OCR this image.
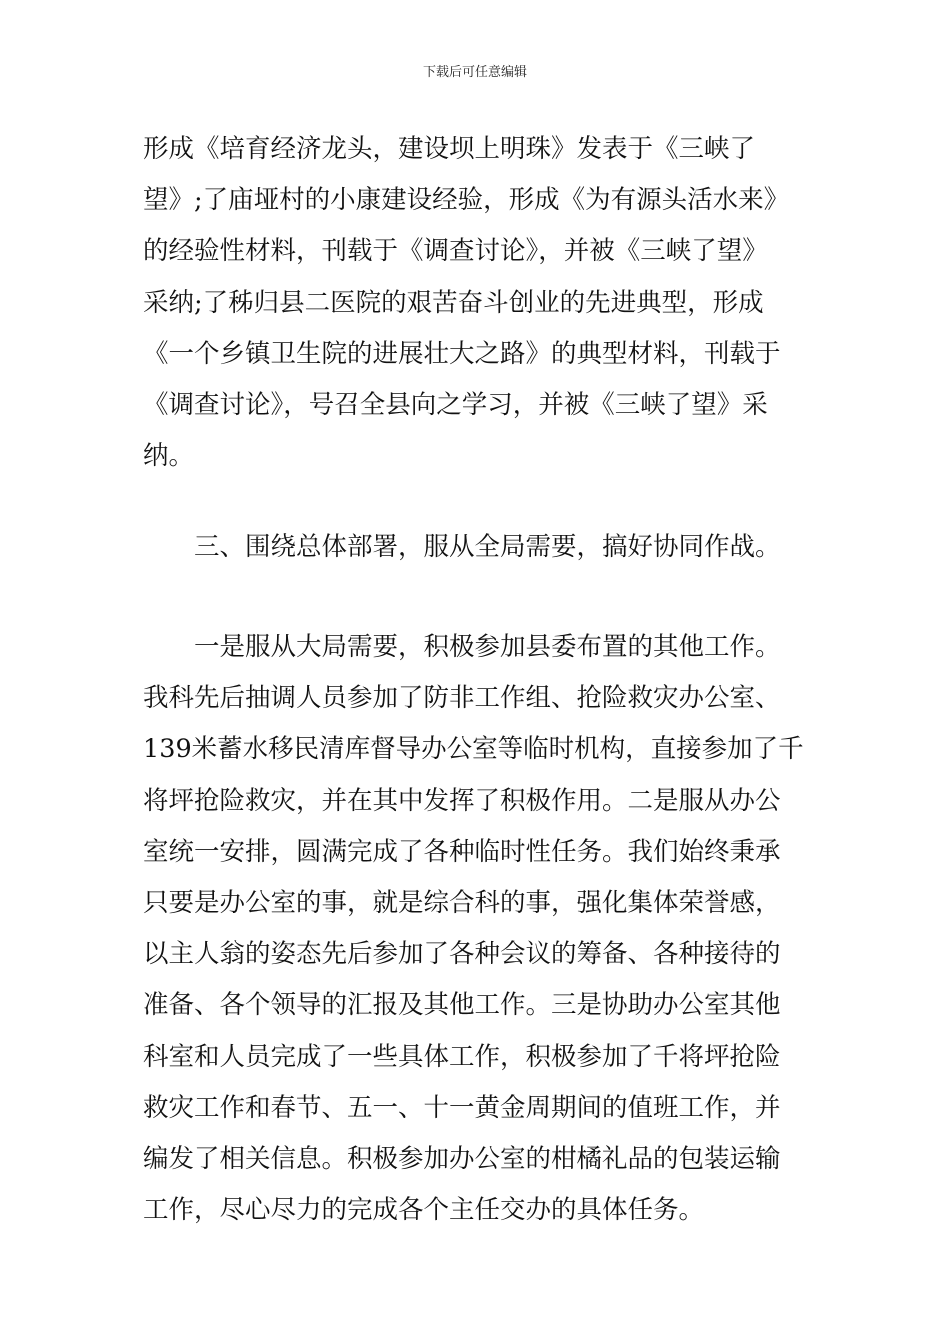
下载后可任意编辑
形成《培育经济龙头，建设坝上明珠》发表于《三峡了
望》;了庙垭村的小康建设经验，形成《为有源头活水来》
的经验性材料，刊载于《调查讨论》，并被《三峡了望》
采纳;了秭归县二医院的艰苦奋斗创业的先进典型，形成
《一个乡镇卫生院的进展壮大之路》的典型材料，刊载于
《调查讨论》，号召全县向之学习，并被《三峡了望》采
纳。
三、围绕总体部署，服从全局需要，搞好协同作战。
一是服从大局需要，积极参加县委布置的其他工作。
我科先后抽调人员参加了防非工作组、抢险救灾办公室、
139米蓄水移民清库督导办公室等临时机构，直接参加了千
将坪抢险救灾，并在其中发挥了积极作用。二是服从办公
室统一安排，圆满完成了各种临时性任务。我们始终秉承
只要是办公室的事，就是综合科的事，强化集体荣誉感，
以主人翁的姿态先后参加了各种会议的筹备、各种接待的
准备、各个领导的汇报及其他工作。三是协助办公室其他
科室和人员完成了一些具体工作，积极参加了千将坪抢险
救灾工作和春节、五一、十一黄金周期间的值班工作，并
编发了相关信息。积极参加办公室的柑橘礼品的包装运输
工作，尽心尽力的完成各个主任交办的具体任务。
